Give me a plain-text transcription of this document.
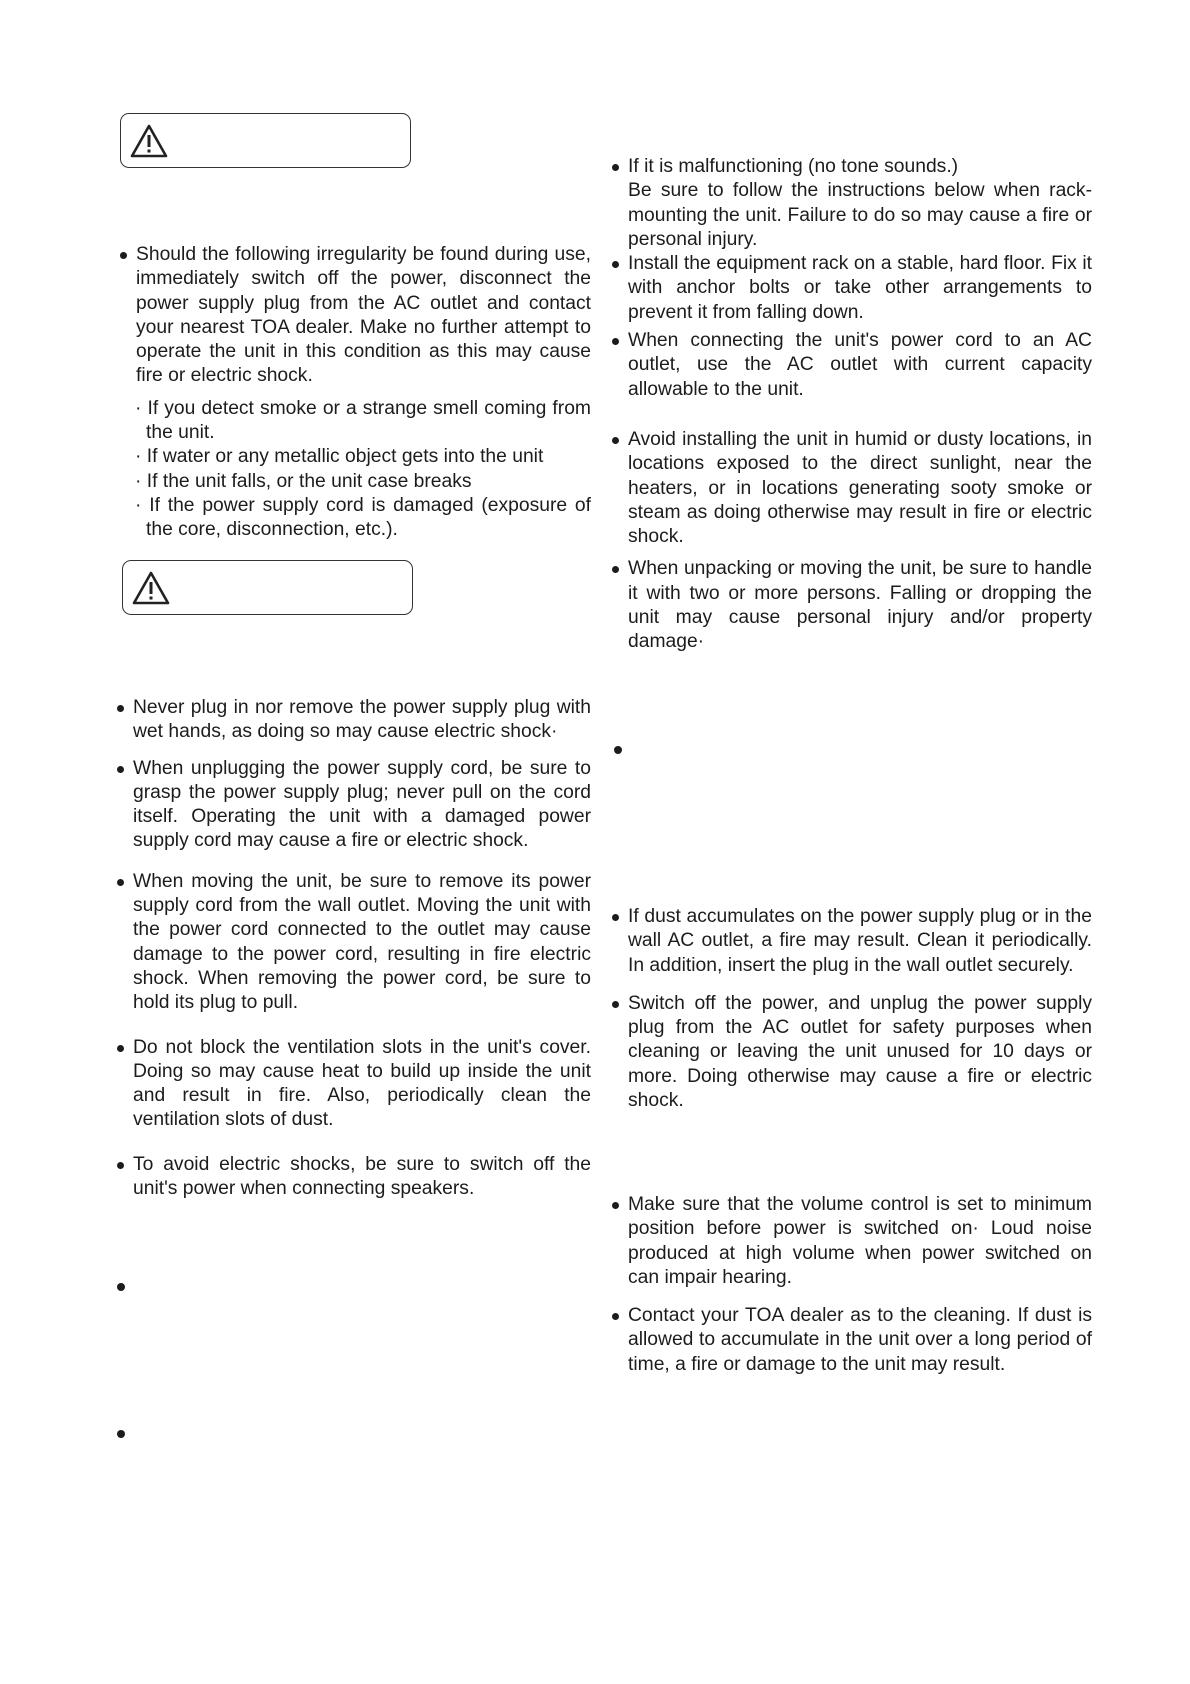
Should the following irregularity be found during use, immediately switch off the power, disconnect the power supply plug from the AC outlet and contact your nearest TOA dealer. Make no further attempt to operate the unit in this condition as this may cause fire or electric shock.

· If you detect smoke or a strange smell coming from the unit.

· If water or any metallic object gets into the unit

· If the unit falls, or the unit case breaks

· If the power supply cord is damaged (exposure of the core, disconnection, etc.).

Never plug in nor remove the power supply plug with wet hands, as doing so may cause electric shock·

When unplugging the power supply cord, be sure to grasp the power supply plug; never pull on the cord itself. Operating the unit with a damaged power supply cord may cause a fire or electric shock.

When moving the unit, be sure to remove its power supply cord from the wall outlet. Moving the unit with the power cord connected to the outlet may cause damage to the power cord, resulting in fire electric shock. When removing the power cord, be sure to hold its plug to pull.

Do not block the ventilation slots in the unit's cover. Doing so may cause heat to build up inside the unit and result in fire. Also, periodically clean the ventilation slots of dust.

To avoid electric shocks, be sure to switch off the unit's power when connecting speakers.

If it is malfunctioning (no tone sounds.)

Be sure to follow the instructions below when rack-mounting the unit. Failure to do so may cause a fire or personal injury.

Install the equipment rack on a stable, hard floor. Fix it with anchor bolts or take other arrangements to prevent it from falling down.

When connecting the unit's power cord to an AC outlet, use the AC outlet with current capacity allowable to the unit.

Avoid installing the unit in humid or dusty locations, in locations exposed to the direct sunlight, near the heaters, or in locations generating sooty smoke or steam as doing otherwise may result in fire or electric shock.

When unpacking or moving the unit, be sure to handle it with two or more persons. Falling or dropping the unit may cause personal injury and/or property damage·

If dust accumulates on the power supply plug or in the wall AC outlet, a fire may result. Clean it periodically. In addition, insert the plug in the wall outlet securely.

Switch off the power, and unplug the power supply plug from the AC outlet for safety purposes when cleaning or leaving the unit unused for 10 days or more. Doing otherwise may cause a fire or electric shock.

Make sure that the volume control is set to minimum position before power is switched on· Loud noise produced at high volume when power switched on can impair hearing.

Contact your TOA dealer as to the cleaning. If dust is allowed to accumulate in the unit over a long period of time, a fire or damage to the unit may result.
